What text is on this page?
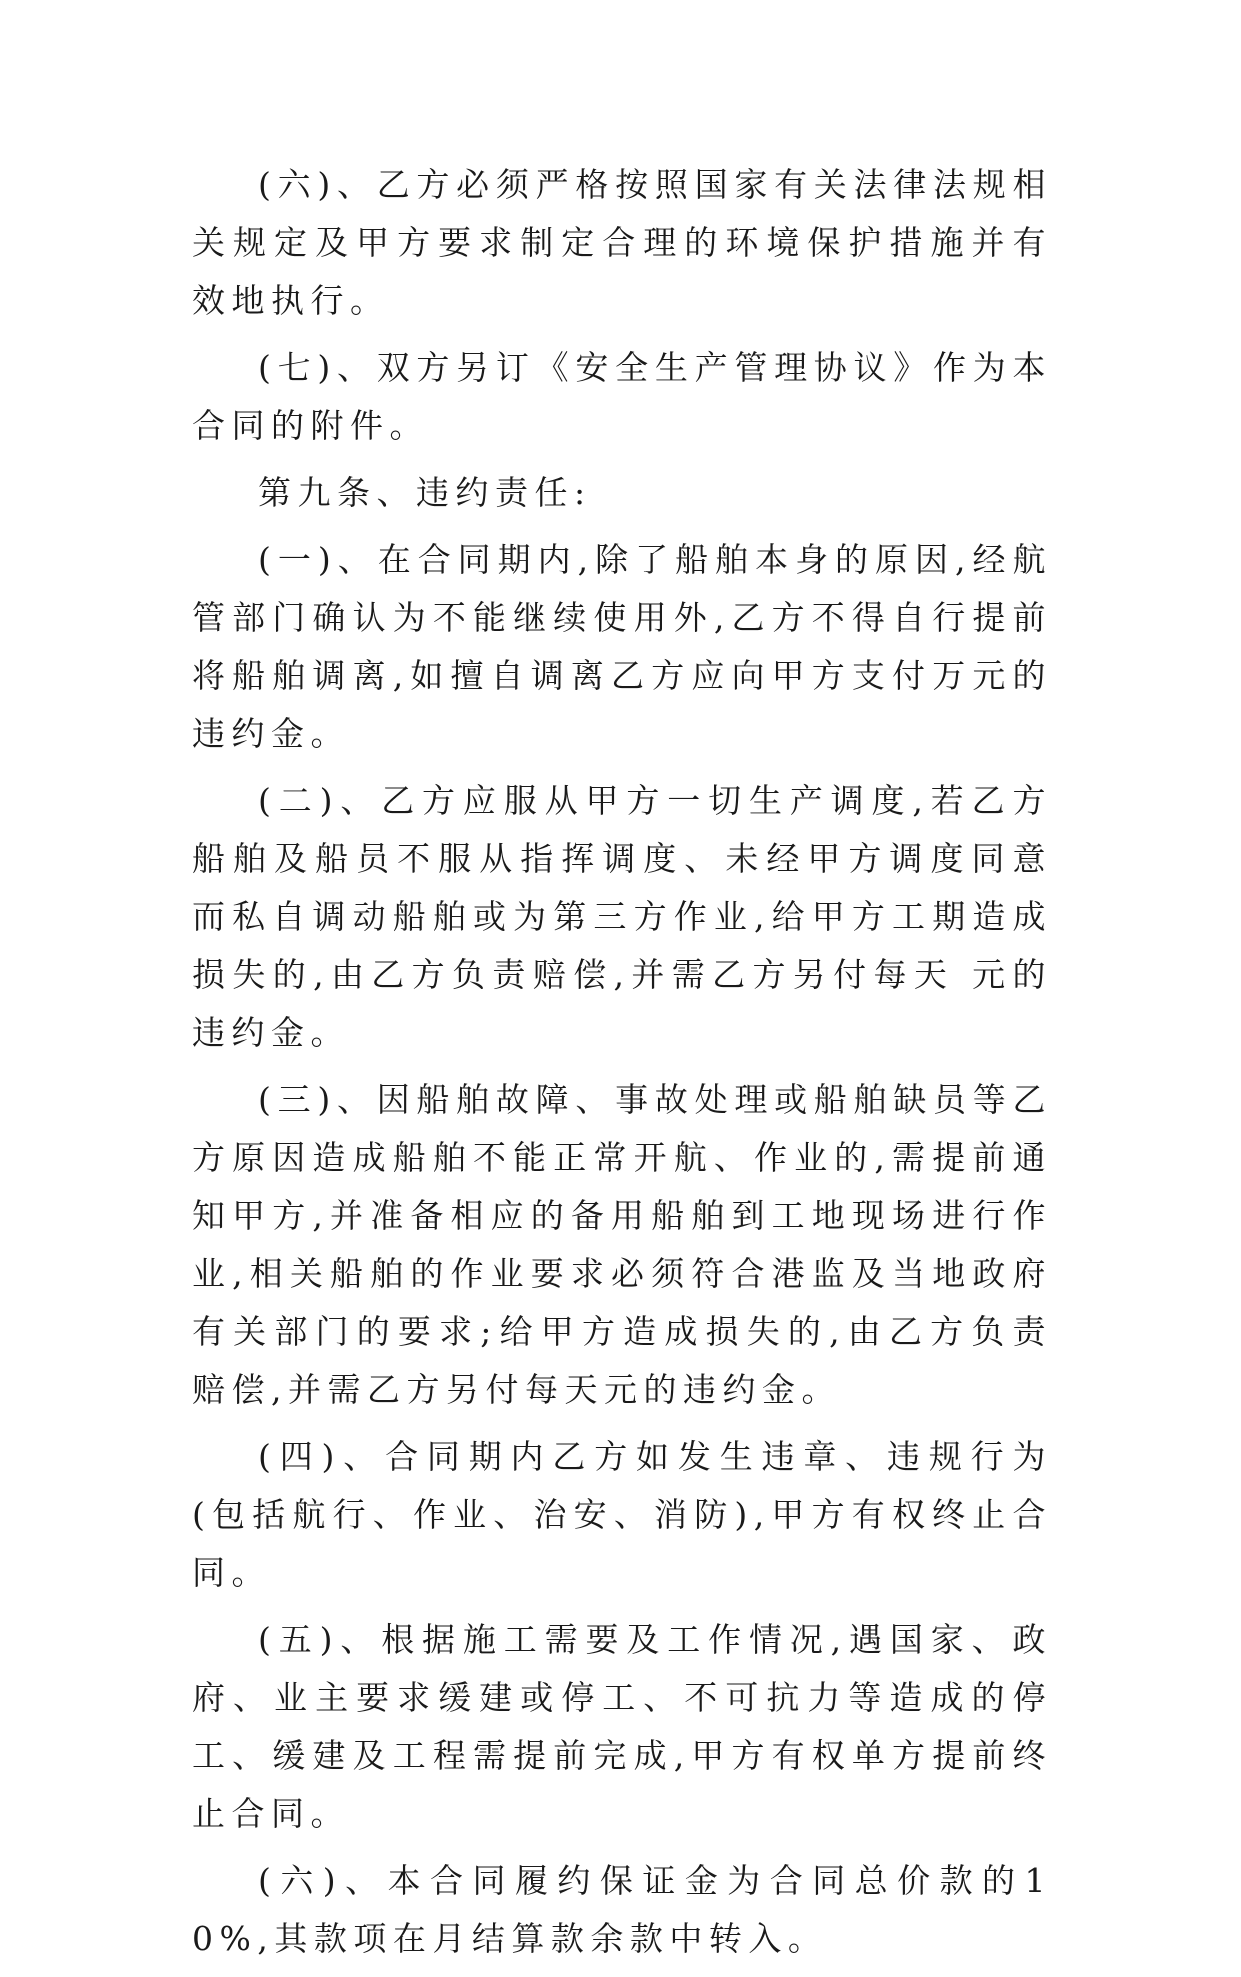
(六)、乙方必须严格按照国家有关法律法规相关规定及甲方要求制定合理的环境保护措施并有效地执行。

(七)、双方另订《安全生产管理协议》作为本合同的附件。

第九条、违约责任:

(一)、在合同期内,除了船舶本身的原因,经航管部门确认为不能继续使用外,乙方不得自行提前将船舶调离,如擅自调离乙方应向甲方支付万元的违约金。

(二)、乙方应服从甲方一切生产调度,若乙方船舶及船员不服从指挥调度、未经甲方调度同意而私自调动船舶或为第三方作业,给甲方工期造成损失的,由乙方负责赔偿,并需乙方另付每天 元的违约金。

(三)、因船舶故障、事故处理或船舶缺员等乙方原因造成船舶不能正常开航、作业的,需提前通知甲方,并准备相应的备用船舶到工地现场进行作业,相关船舶的作业要求必须符合港监及当地政府有关部门的要求;给甲方造成损失的,由乙方负责赔偿,并需乙方另付每天元的违约金。

(四)、合同期内乙方如发生违章、违规行为(包括航行、作业、治安、消防),甲方有权终止合同。

(五)、根据施工需要及工作情况,遇国家、政府、业主要求缓建或停工、不可抗力等造成的停工、缓建及工程需提前完成,甲方有权单方提前终止合同。

(六)、本合同履约保证金为合同总价款的10%,其款项在月结算款余款中转入。
